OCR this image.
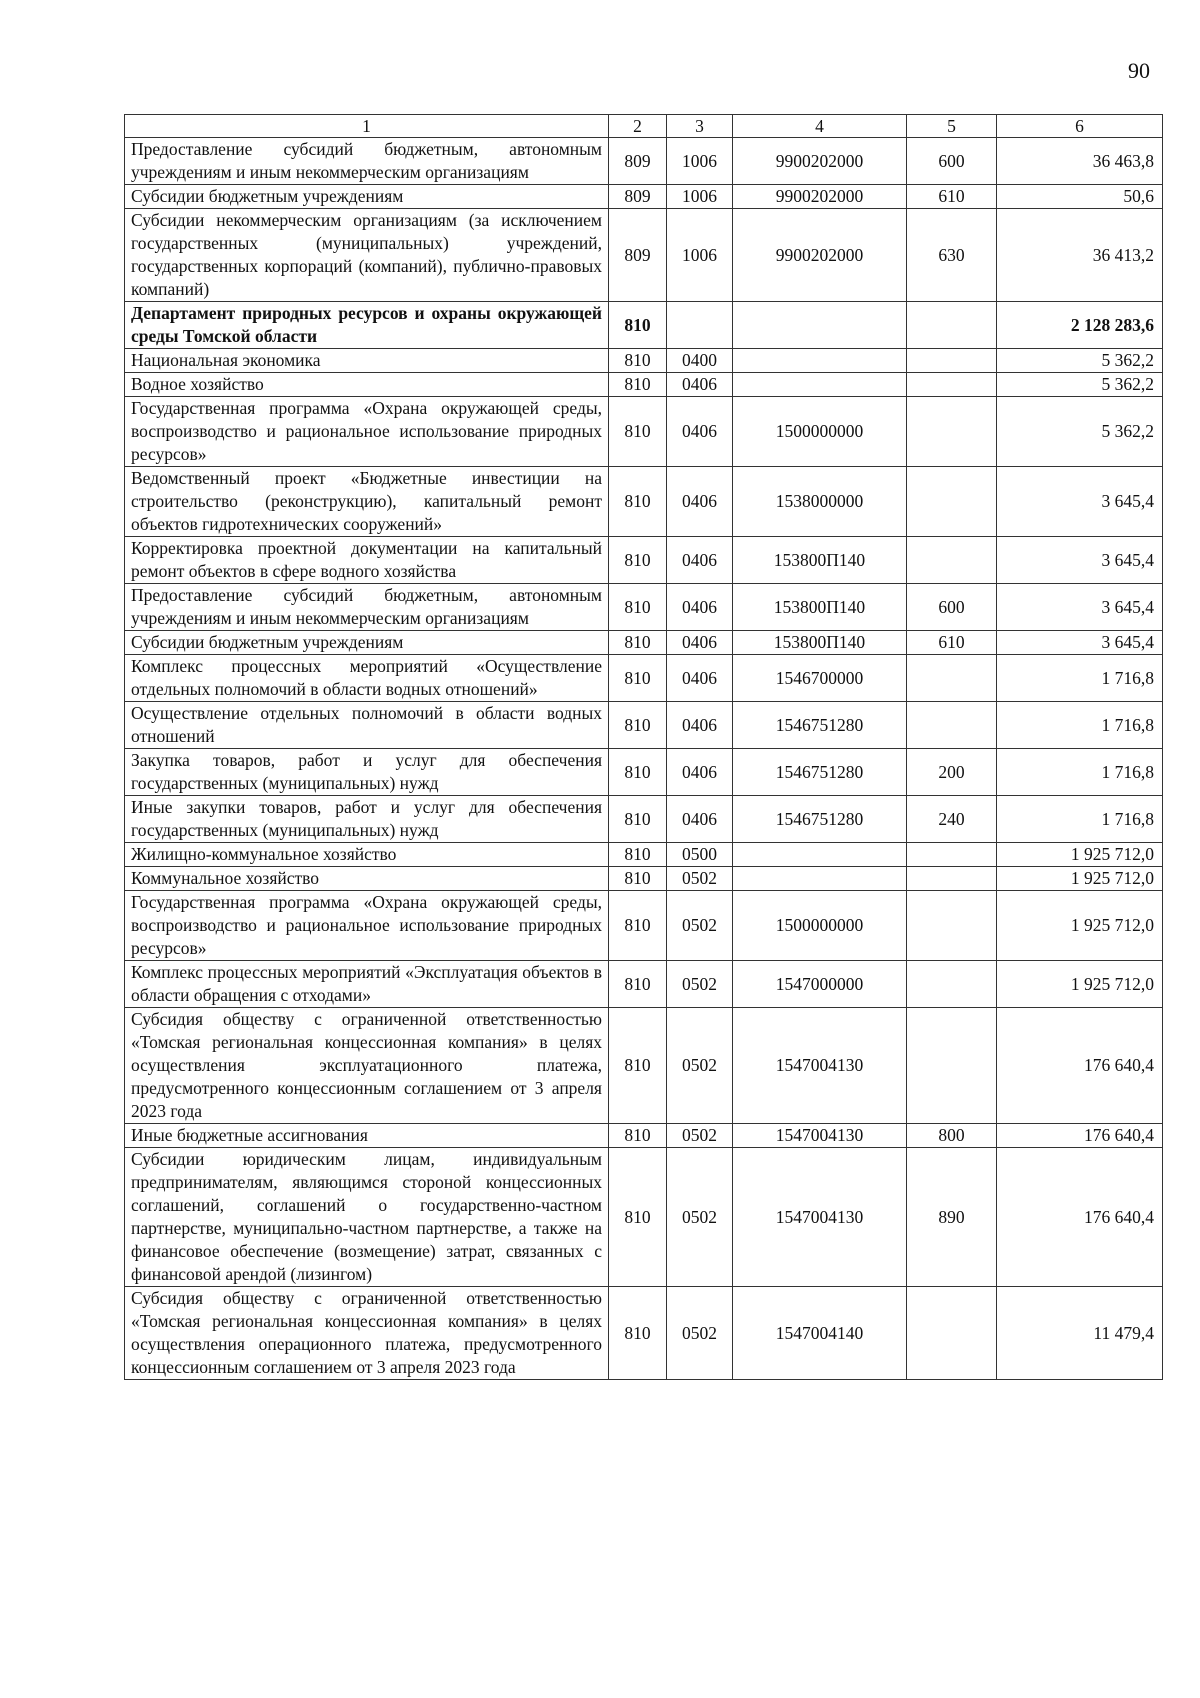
90
1	2	3	4	5	6
Предоставление субсидий бюджетным, автономным учреждениям и иным некоммерческим организациям	809	1006	9900202000	600	36 463,8
Субсидии бюджетным учреждениям	809	1006	9900202000	610	50,6
Субсидии некоммерческим организациям (за исключением государственных (муниципальных) учреждений, государственных корпораций (компаний), публично-правовых компаний)	809	1006	9900202000	630	36 413,2
Департамент природных ресурсов и охраны окружающей среды Томской области	810				2 128 283,6
Национальная экономика	810	0400			5 362,2
Водное хозяйство	810	0406			5 362,2
Государственная программа «Охрана окружающей среды, воспроизводство и рациональное использование природных ресурсов»	810	0406	1500000000		5 362,2
Ведомственный проект «Бюджетные инвестиции на строительство (реконструкцию), капитальный ремонт объектов гидротехнических сооружений»	810	0406	1538000000		3 645,4
Корректировка проектной документации на капитальный ремонт объектов в сфере водного хозяйства	810	0406	153800П140		3 645,4
Предоставление субсидий бюджетным, автономным учреждениям и иным некоммерческим организациям	810	0406	153800П140	600	3 645,4
Субсидии бюджетным учреждениям	810	0406	153800П140	610	3 645,4
Комплекс процессных мероприятий «Осуществление отдельных полномочий в области водных отношений»	810	0406	1546700000		1 716,8
Осуществление отдельных полномочий в области водных отношений	810	0406	1546751280		1 716,8
Закупка товаров, работ и услуг для обеспечения государственных (муниципальных) нужд	810	0406	1546751280	200	1 716,8
Иные закупки товаров, работ и услуг для обеспечения государственных (муниципальных) нужд	810	0406	1546751280	240	1 716,8
Жилищно-коммунальное хозяйство	810	0500			1 925 712,0
Коммунальное хозяйство	810	0502			1 925 712,0
Государственная программа «Охрана окружающей среды, воспроизводство и рациональное использование природных ресурсов»	810	0502	1500000000		1 925 712,0
Комплекс процессных мероприятий «Эксплуатация объектов в области обращения с отходами»	810	0502	1547000000		1 925 712,0
Субсидия обществу с ограниченной ответственностью «Томская региональная концессионная компания» в целях осуществления эксплуатационного платежа, предусмотренного концессионным соглашением от 3 апреля 2023 года	810	0502	1547004130		176 640,4
Иные бюджетные ассигнования	810	0502	1547004130	800	176 640,4
Субсидии юридическим лицам, индивидуальным предпринимателям, являющимся стороной концессионных соглашений, соглашений о государственно-частном партнерстве, муниципально-частном партнерстве, а также на финансовое обеспечение (возмещение) затрат, связанных с финансовой арендой (лизингом)	810	0502	1547004130	890	176 640,4
Субсидия обществу с ограниченной ответственностью «Томская региональная концессионная компания» в целях осуществления операционного платежа, предусмотренного концессионным соглашением от 3 апреля 2023 года	810	0502	1547004140		11 479,4
